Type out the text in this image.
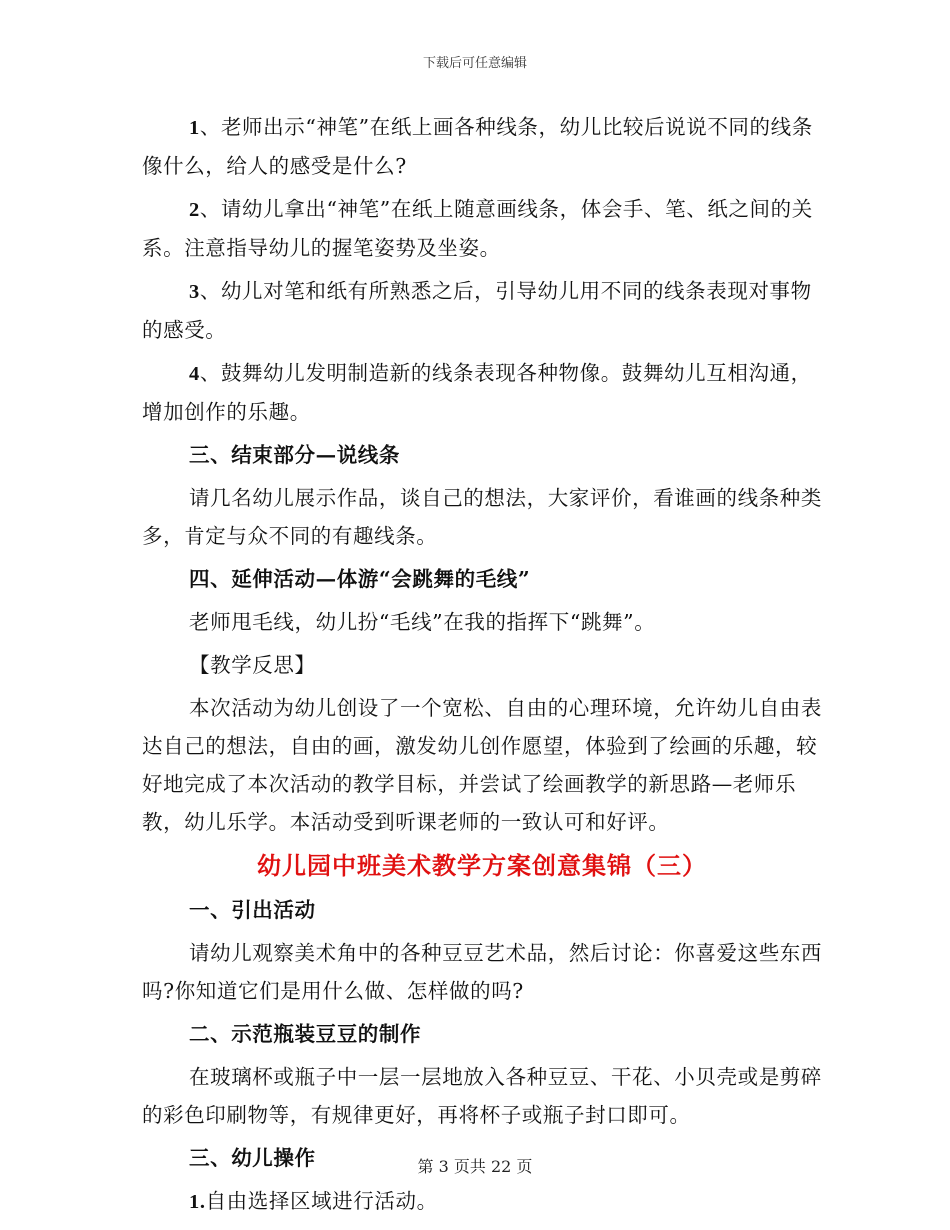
下载后可任意编辑

1、老师出示“神笔”在纸上画各种线条，幼儿比较后说说不同的线条像什么，给人的感受是什么?

2、请幼儿拿出“神笔”在纸上随意画线条，体会手、笔、纸之间的关系。注意指导幼儿的握笔姿势及坐姿。

3、幼儿对笔和纸有所熟悉之后，引导幼儿用不同的线条表现对事物的感受。

4、鼓舞幼儿发明制造新的线条表现各种物像。鼓舞幼儿互相沟通，增加创作的乐趣。

三、结束部分—说线条

请几名幼儿展示作品，谈自己的想法，大家评价，看谁画的线条种类多，肯定与众不同的有趣线条。

四、延伸活动—体游“会跳舞的毛线”

老师甩毛线，幼儿扮“毛线”在我的指挥下“跳舞”。

【教学反思】

本次活动为幼儿创设了一个宽松、自由的心理环境，允许幼儿自由表达自己的想法，自由的画，激发幼儿创作愿望，体验到了绘画的乐趣，较好地完成了本次活动的教学目标，并尝试了绘画教学的新思路—老师乐教，幼儿乐学。本活动受到听课老师的一致认可和好评。

幼儿园中班美术教学方案创意集锦（三）

一、引出活动

请幼儿观察美术角中的各种豆豆艺术品，然后讨论：你喜爱这些东西吗?你知道它们是用什么做、怎样做的吗?

二、示范瓶装豆豆的制作

在玻璃杯或瓶子中一层一层地放入各种豆豆、干花、小贝壳或是剪碎的彩色印刷物等，有规律更好，再将杯子或瓶子封口即可。

三、幼儿操作

1.自由选择区域进行活动。

第 3 页共 22 页
